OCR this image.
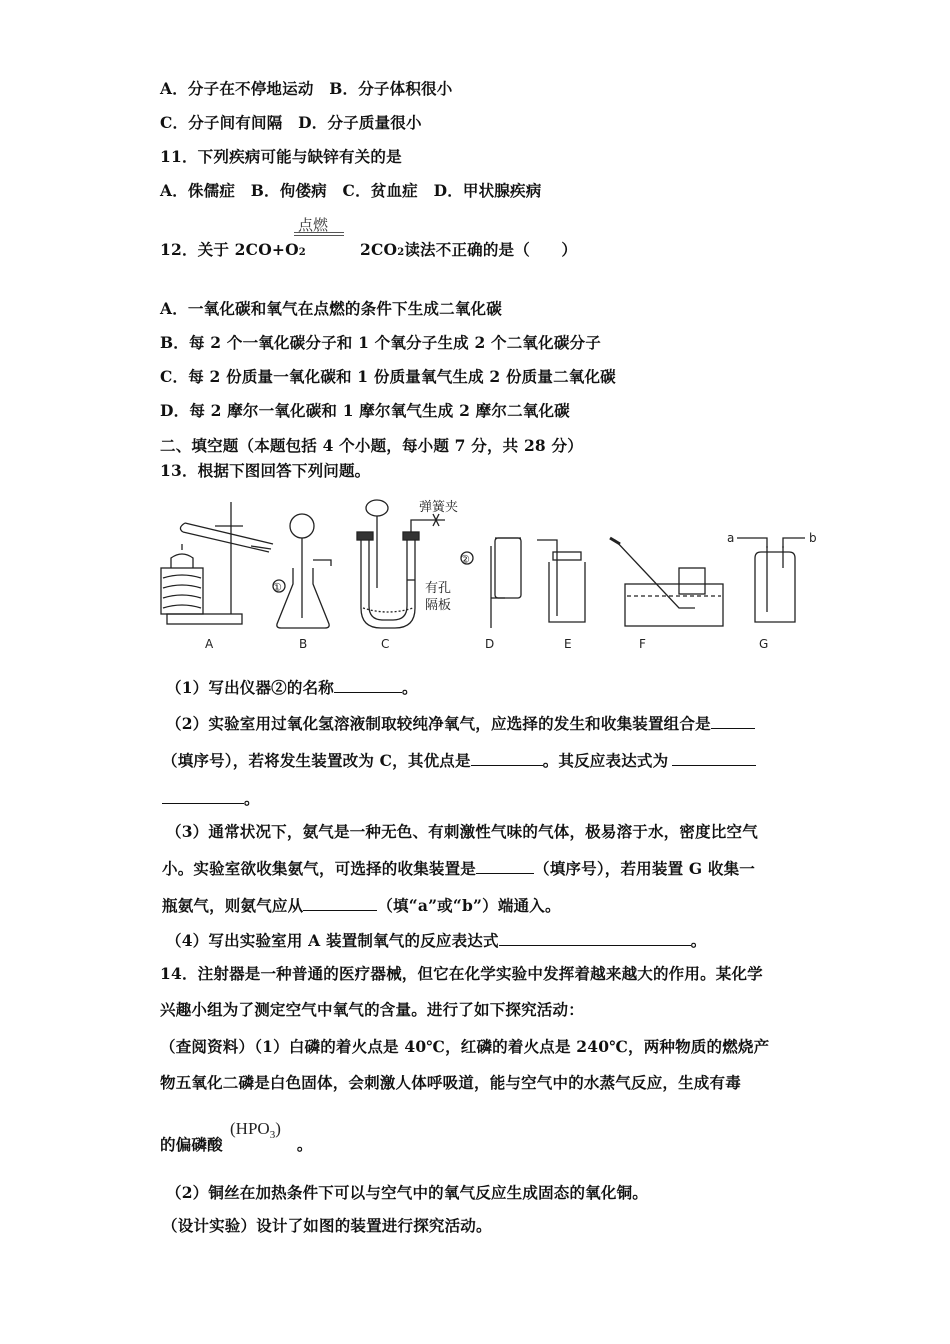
A．分子在不停地运动　B．分子体积很小
C．分子间有间隔　D．分子质量很小
11．下列疾病可能与缺锌有关的是
A．侏儒症　B．佝偻病　C．贫血症　D．甲状腺疾病
点燃
12．关于 2CO+O2	2CO2读法不正确的是（　　）
A．一氧化碳和氧气在点燃的条件下生成二氧化碳
B．每 2 个一氧化碳分子和 1 个氧分子生成 2 个二氧化碳分子
C．每 2 份质量一氧化碳和 1 份质量氧气生成 2 份质量二氧化碳
D．每 2 摩尔一氧化碳和 1 摩尔氧气生成 2 摩尔二氧化碳
二、填空题（本题包括 4 个小题，每小题 7 分，共 28 分）
13．根据下图回答下列问题。
弹簧夹
有孔
隔板
①
②
a	b
A	B	C	D	E	F	G
（1）写出仪器②的名称	。
（2）实验室用过氧化氢溶液制取较纯净氧气，应选择的发生和收集装置组合是
（填序号），若将发生装置改为 C，其优点是	。其反应表达式为
。
（3）通常状况下，氨气是一种无色、有刺激性气味的气体，极易溶于水，密度比空气
小。实验室欲收集氨气，可选择的收集装置是	（填序号），若用装置 G 收集一
瓶氨气，则氨气应从	（填“a”或“b”）端通入。
（4）写出实验室用 A 装置制氧气的反应表达式	。
14．注射器是一种普通的医疗器械，但它在化学实验中发挥着越来越大的作用。某化学
兴趣小组为了测定空气中氧气的含量。进行了如下探究活动：
（查阅资料）（1）白磷的着火点是 40℃，红磷的着火点是 240℃，两种物质的燃烧产
物五氧化二磷是白色固体，会刺激人体呼吸道，能与空气中的水蒸气反应，生成有毒
的偏磷酸	。
$(HPO_3)$
（2）铜丝在加热条件下可以与空气中的氧气反应生成固态的氧化铜。
（设计实验）设计了如图的装置进行探究活动。
